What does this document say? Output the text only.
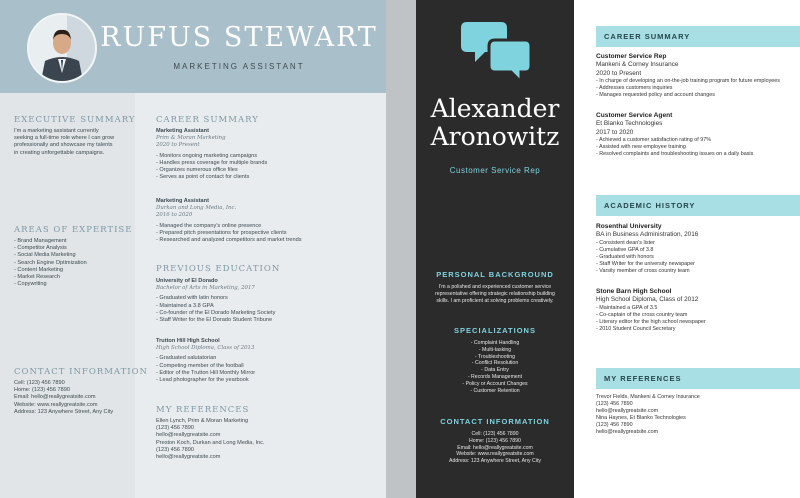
RUFUS STEWART
MARKETING ASSISTANT
EXECUTIVE SUMMARY
I'm a marketing assistant currently
seeking a full-time role where I can grow
professionally and showcase my talents
in creating unforgettable campaigns.
AREAS OF EXPERTISE
- Brand Management
- Competitor Analysis
- Social Media Marketing
- Search Engine Optimization
- Content Marketing
- Market Research
- Copywriting
CONTACT INFORMATION
Cell: (123) 456 7890
Home: (123) 456 7890
Email: hello@reallygreatsite.com
Website: www.reallygreatsite.com
Address: 123 Anywhere Street, Any City
CAREER SUMMARY
Marketing Assistant
Prim & Moran Marketing
2020 to Present
- Monitors ongoing marketing campaigns
- Handles press coverage for multiple brands
- Organizes numerous office files
- Serves as point of contact for clients
Marketing Assistant
Durkan and Long Media, Inc.
2016 to 2020
- Managed the company's online presence
- Prepared pitch presentations for prospective clients
- Researched and analyzed competitors and market trends
PREVIOUS EDUCATION
University of El Dorado
Bachelor of Arts in Marketing, 2017
- Graduated with latin honors
- Maintained a 3.8 GPA
- Co-founder of the El Dorado Marketing Society
- Staff Writer for the El Dorado Student Tribune
Trutton Hill High School
High School Diploma, Class of 2013
- Graduated salutatorian
- Competing member of the football
- Editor of the Trutton Hill Monthly Mirror
- Lead photographer for the yearbook
MY REFERENCES
Ellen Lynch, Prim & Moran Marketing
(123) 456 7890
hello@reallygreatsite.com
Preston Koch, Durkan and Long Media, Inc.
(123) 456 7890
hello@reallygreatsite.com
Alexander
Aronowitz
Customer Service Rep
PERSONAL BACKGROUND
I'm a polished and experienced customer service
representative offering strategic relationship building
skills. I am proficient at solving problems creatively.
SPECIALIZATIONS
- Complaint Handling
- Multi-tasking
- Troubleshooting
- Conflict Resolution
- Data Entry
- Records Management
- Policy or Account Changes
- Customer Retention
CONTACT INFORMATION
Cell: (123) 456 7890
Home: (123) 456 7890
Email: hello@reallygreatsite.com
Website: www.reallygreatsite.com
Address: 123 Anywhere Street, Any City
CAREER SUMMARY
Customer Service Rep
Mankeni & Corney Insurance
2020 to Present
- In charge of developing an on-the-job training program for future employees
- Addresses customers inquiries
- Manages requested policy and account changes
Customer Service Agent
Et Blanko Technologies
2017 to 2020
- Achieved a customer satisfaction rating of 97%
- Assisted with new employee training
- Resolved complaints and troubleshooting issues on a daily basis
ACADEMIC HISTORY
Rosenthal University
BA in Business Administration, 2016
- Consistent dean's lister
- Cumulative GPA of 3.8
- Graduated with honors
- Staff Writer for the university newspaper
- Varsity member of cross country team
Stone Barn High School
High School Diploma, Class of 2012
- Maintained a GPA of 3.5
- Co-captain of the cross country team
- Literary editor for the high school newspaper
- 2010 Student Council Secretary
MY REFERENCES
Trevor Fields, Mankeni & Corney Insurance
(123) 456 7890
hello@reallygreatsite.com
Nina Haynes, Et Blanko Technologies
(123) 456 7890
hello@reallygreatsite.com
